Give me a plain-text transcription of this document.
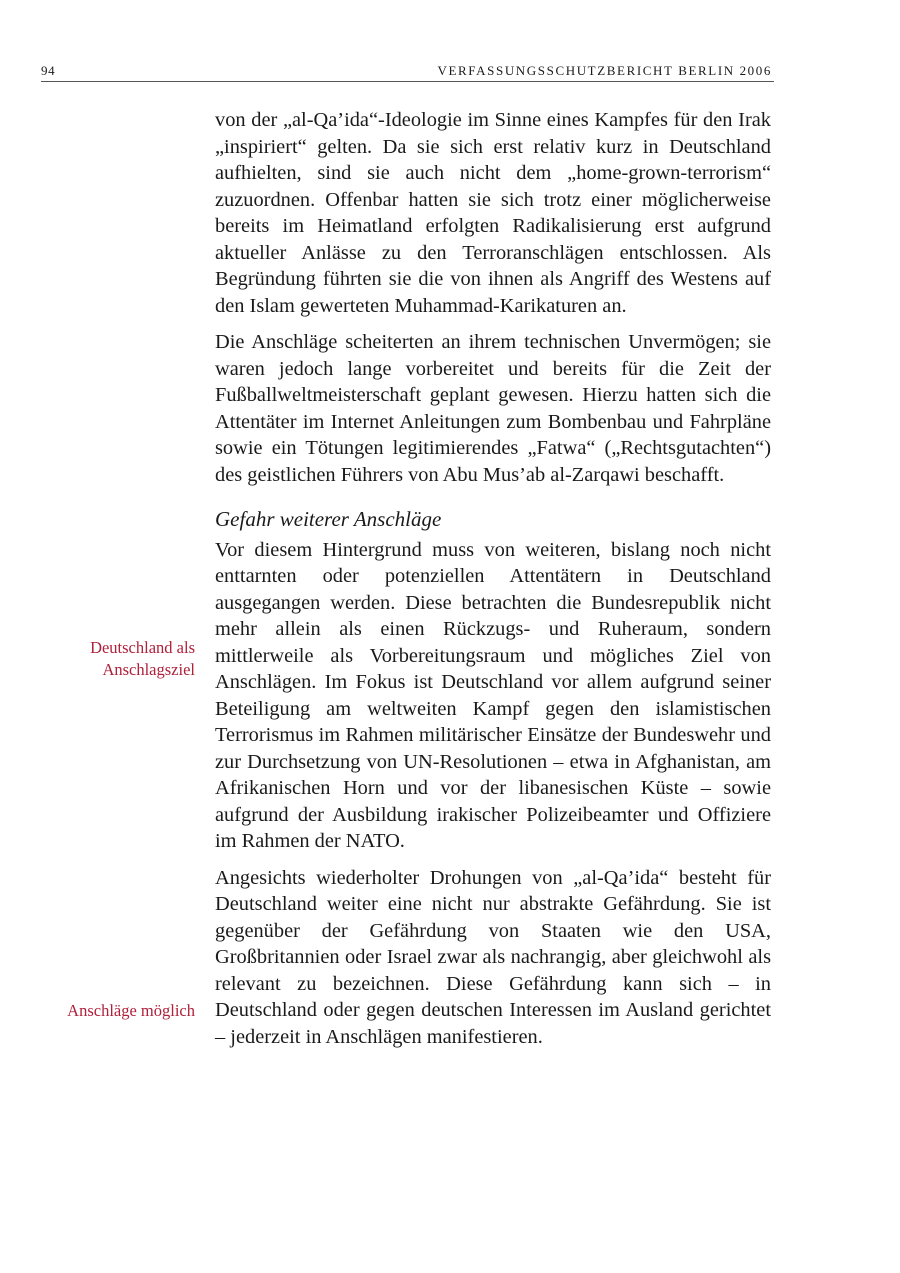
94	VERFASSUNGSSCHUTZBERICHT BERLIN 2006
Deutschland als
Anschlagsziel
Anschläge möglich

von der „al-Qa’ida“-Ideologie im Sinne eines Kampfes für den Irak „inspiriert“ gelten. Da sie sich erst relativ kurz in Deutschland aufhielten, sind sie auch nicht dem „home-grown-terrorism“ zuzuordnen. Offenbar hatten sie sich trotz einer möglicherweise bereits im Heimatland erfolgten Radikalisierung erst aufgrund aktueller Anlässe zu den Terroranschlägen entschlossen. Als Begründung führten sie die von ihnen als Angriff des Westens auf den Islam gewerteten Muhammad-Karikaturen an.

Die Anschläge scheiterten an ihrem technischen Unvermögen; sie waren jedoch lange vorbereitet und bereits für die Zeit der Fußballweltmeisterschaft geplant gewesen. Hierzu hatten sich die Attentäter im Internet Anleitungen zum Bombenbau und Fahrpläne sowie ein Tötungen legitimierendes „Fatwa“ („Rechtsgutachten“) des geistlichen Führers von Abu Mus’ab al-Zarqawi beschafft.

Gefahr weiterer Anschläge

Vor diesem Hintergrund muss von weiteren, bislang noch nicht enttarnten oder potenziellen Attentätern in Deutschland ausgegangen werden. Diese betrachten die Bundesrepublik nicht mehr allein als einen Rückzugs- und Ruheraum, sondern mittlerweile als Vorbereitungsraum und mögliches Ziel von Anschlägen. Im Fokus ist Deutschland vor allem aufgrund seiner Beteiligung am weltweiten Kampf gegen den islamistischen Terrorismus im Rahmen militärischer Einsätze der Bundeswehr und zur Durchsetzung von UN-Resolutionen – etwa in Afghanistan, am Afrikanischen Horn und vor der libanesischen Küste – sowie aufgrund der Ausbildung irakischer Polizeibeamter und Offiziere im Rahmen der NATO.

Angesichts wiederholter Drohungen von „al-Qa’ida“ besteht für Deutschland weiter eine nicht nur abstrakte Gefährdung. Sie ist gegenüber der Gefährdung von Staaten wie den USA, Großbritannien oder Israel zwar als nachrangig, aber gleichwohl als relevant zu bezeichnen. Diese Gefährdung kann sich – in Deutschland oder gegen deutschen Interessen im Ausland gerichtet – jederzeit in Anschlägen manifestieren.
